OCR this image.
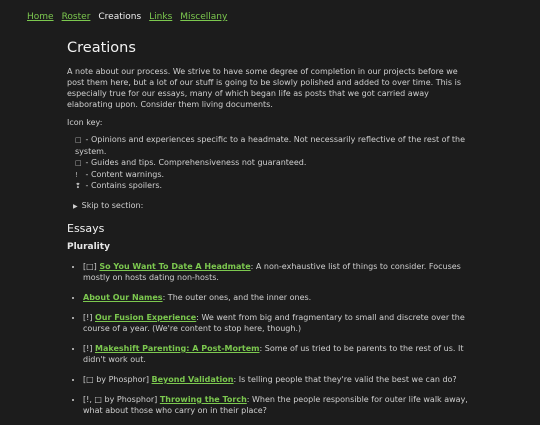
Home Roster Creations Links Miscellany
Creations

A note about our process. We strive to have some degree of completion in our projects before we post them here, but a lot of our stuff is going to be slowly polished and added to over time. This is especially true for our essays, many of which began life as posts that we got carried away elaborating upon. Consider them living documents.

Icon key:
□ - Opinions and experiences specific to a headmate. Not necessarily reflective of the rest of the system.
□ - Guides and tips. Comprehensiveness not guaranteed.
! - Content warnings.
❢ - Contains spoilers.
▶ Skip to section:
Essays
Plurality
• [□] So You Want To Date A Headmate: A non-exhaustive list of things to consider. Focuses mostly on hosts dating non-hosts.
• About Our Names: The outer ones, and the inner ones.
• [!] Our Fusion Experience: We went from big and fragmentary to small and discrete over the course of a year. (We're content to stop here, though.)
• [!] Makeshift Parenting: A Post-Mortem: Some of us tried to be parents to the rest of us. It didn't work out.
• [□ by Phosphor] Beyond Validation: Is telling people that they're valid the best we can do?
• [!, □ by Phosphor] Throwing the Torch: When the people responsible for outer life walk away, what about those who carry on in their place?
